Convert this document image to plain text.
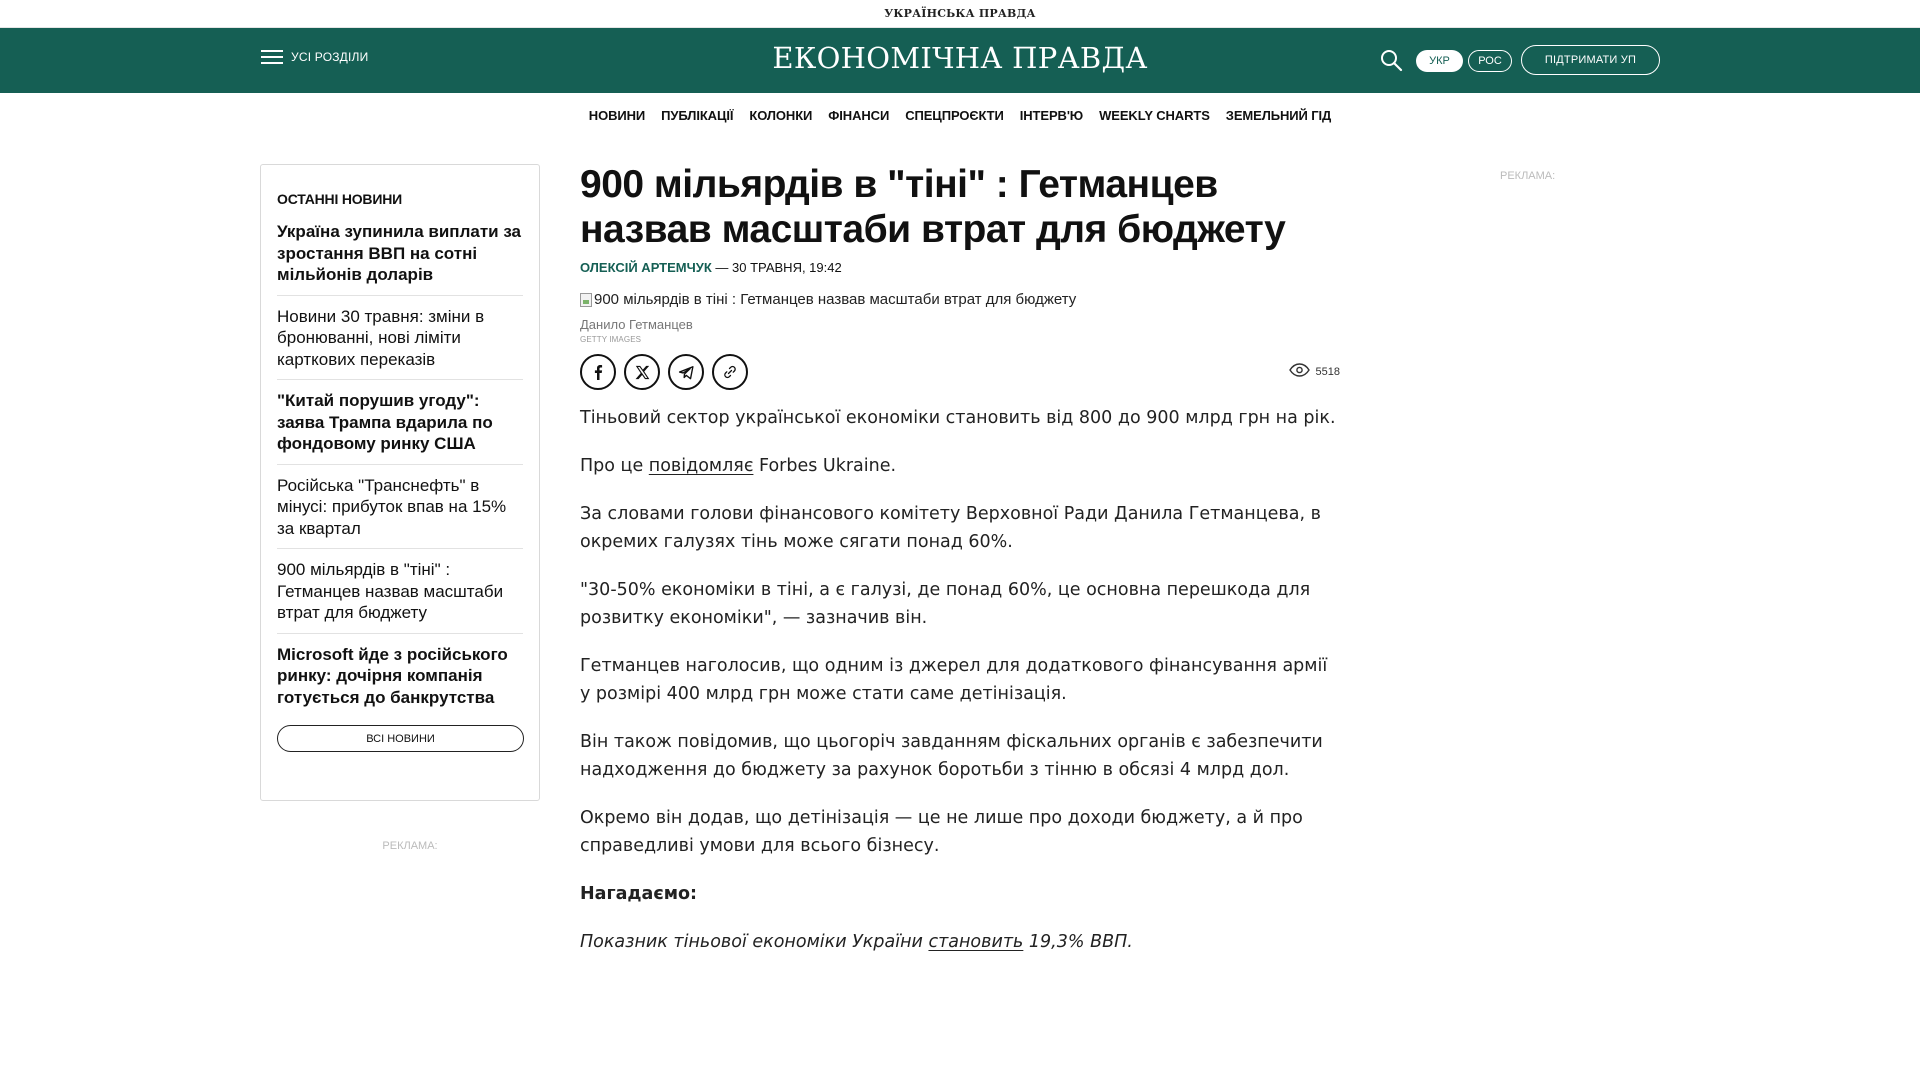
УКРАЇНСЬКА ПРАВДА
УСІ РОЗДІЛИ	ЕКОНОМІЧНА ПРАВДА	УКР	РОС	ПІДТРИМАТИ УП
НОВИНИ ПУБЛІКАЦІЇ КОЛОНКИ ФІНАНСИ СПЕЦПРОЄКТИ ІНТЕРВ'Ю WEEKLY CHARTS ЗЕМЕЛЬНИЙ ГІД
ОСТАННІ НОВИНИ
Україна зупинила виплати за зростання ВВП на сотні мільйонів доларів
Новини 30 травня: зміни в бронюванні, нові ліміти карткових переказів
"Китай порушив угоду": заява Трампа вдарила по фондовому ринку США
Російська "Транснефть" в мінусі: прибуток впав на 15% за квартал
900 мільярдів в "тіні" : Гетманцев назвав масштаби втрат для бюджету
Microsoft йде з російського ринку: дочірня компанія готується до банкрутства
ВСІ НОВИНИ
РЕКЛАМА:
900 мільярдів в "тіні" : Гетманцев назвав масштаби втрат для бюджету
ОЛЕКСІЙ АРТЕМЧУК — 30 ТРАВНЯ, 19:42
900 мільярдів в тіні : Гетманцев назвав масштаби втрат для бюджету
Данило Гетманцев
GETTY IMAGES
5518

Тіньовий сектор української економіки становить від 800 до 900 млрд грн на рік.

Про це повідомляє Forbes Ukraine.

За словами голови фінансового комітету Верховної Ради Данила Гетманцева, в окремих галузях тінь може сягати понад 60%.

"30-50% економіки в тіні, а є галузі, де понад 60%, це основна перешкода для розвитку економіки", — зазначив він.

Гетманцев наголосив, що одним із джерел для додаткового фінансування армії у розмірі 400 млрд грн може стати саме детінізація.

Він також повідомив, що цьогоріч завданням фіскальних органів є забезпечити надходження до бюджету за рахунок боротьби з тінню в обсязі 4 млрд дол.

Окремо він додав, що детінізація — це не лише про доходи бюджету, а й про справедливі умови для всього бізнесу.

Нагадаємо:

Показник тіньової економіки України становить 19,3% ВВП.

РЕКЛАМА:
